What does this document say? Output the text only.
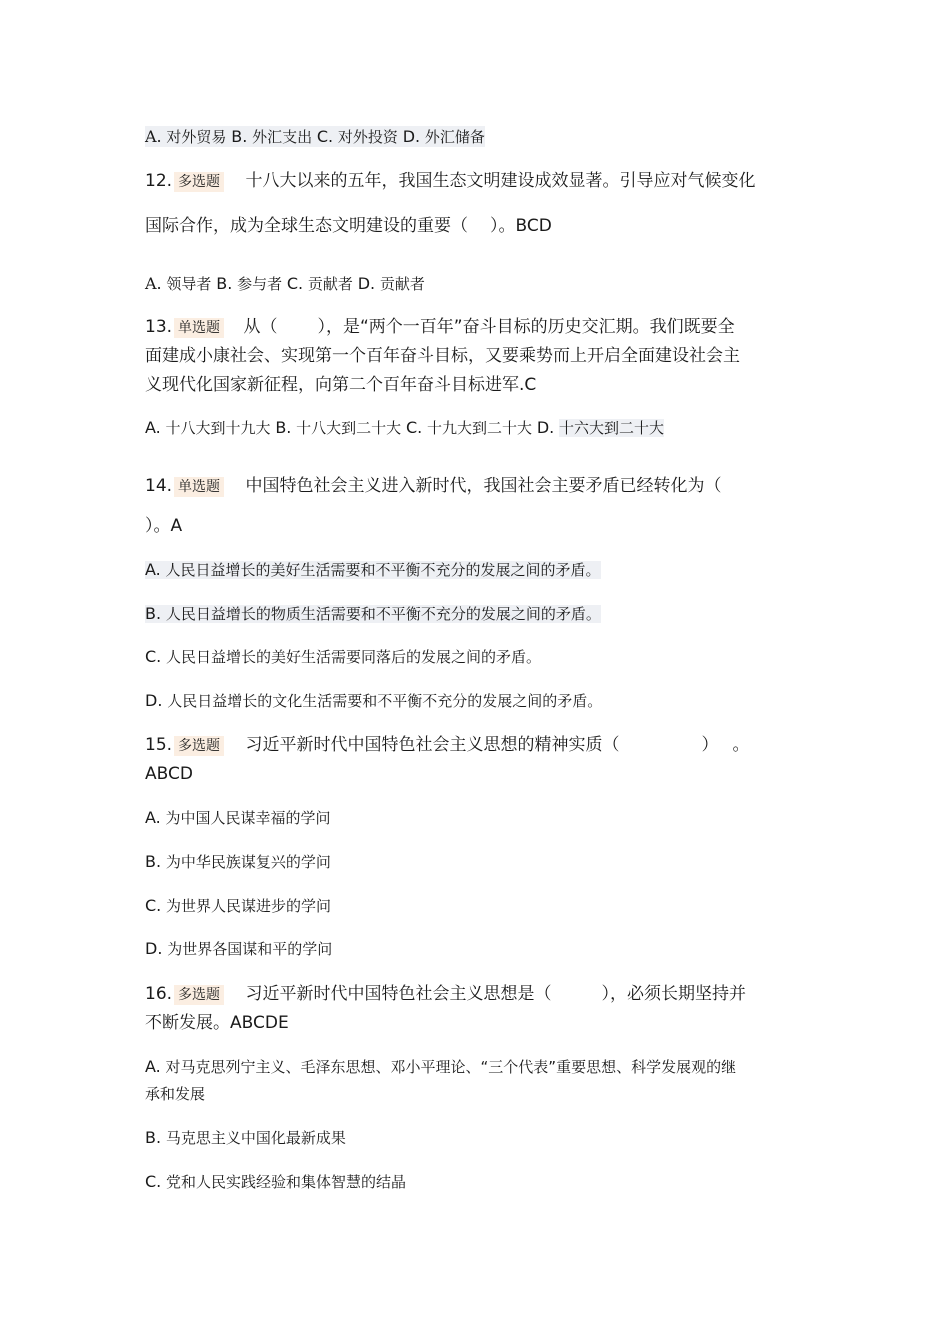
A. 对外贸易 B. 外汇支出 C. 对外投资 D. 外汇储备
12. 多选题 十八大以来的五年，我国生态文明建设成效显著。引导应对气候变化
国际合作，成为全球生态文明建设的重要（ ）。BCD
A. 领导者 B. 参与者 C. 贡献者 D. 贡献者
13. 单选题 从（ ），是“两个一百年”奋斗目标的历史交汇期。我们既要全
面建成小康社会、实现第一个百年奋斗目标，又要乘势而上开启全面建设社会主
义现代化国家新征程，向第二个百年奋斗目标进军.C
A. 十八大到十九大 B. 十八大到二十大 C. 十九大到二十大 D. 十六大到二十大
14. 单选题 中国特色社会主义进入新时代，我国社会主要矛盾已经转化为（
）。A
A. 人民日益增长的美好生活需要和不平衡不充分的发展之间的矛盾。
B. 人民日益增长的物质生活需要和不平衡不充分的发展之间的矛盾。
C. 人民日益增长的美好生活需要同落后的发展之间的矛盾。
D. 人民日益增长的文化生活需要和不平衡不充分的发展之间的矛盾。
15. 多选题 习近平新时代中国特色社会主义思想的精神实质（	） 。
ABCD
A. 为中国人民谋幸福的学问
B. 为中华民族谋复兴的学问
C. 为世界人民谋进步的学问
D. 为世界各国谋和平的学问
16. 多选题 习近平新时代中国特色社会主义思想是（	），必须长期坚持并
不断发展。ABCDE
A. 对马克思列宁主义、毛泽东思想、邓小平理论、“三个代表”重要思想、科学发展观的继
承和发展
B. 马克思主义中国化最新成果
C. 党和人民实践经验和集体智慧的结晶
